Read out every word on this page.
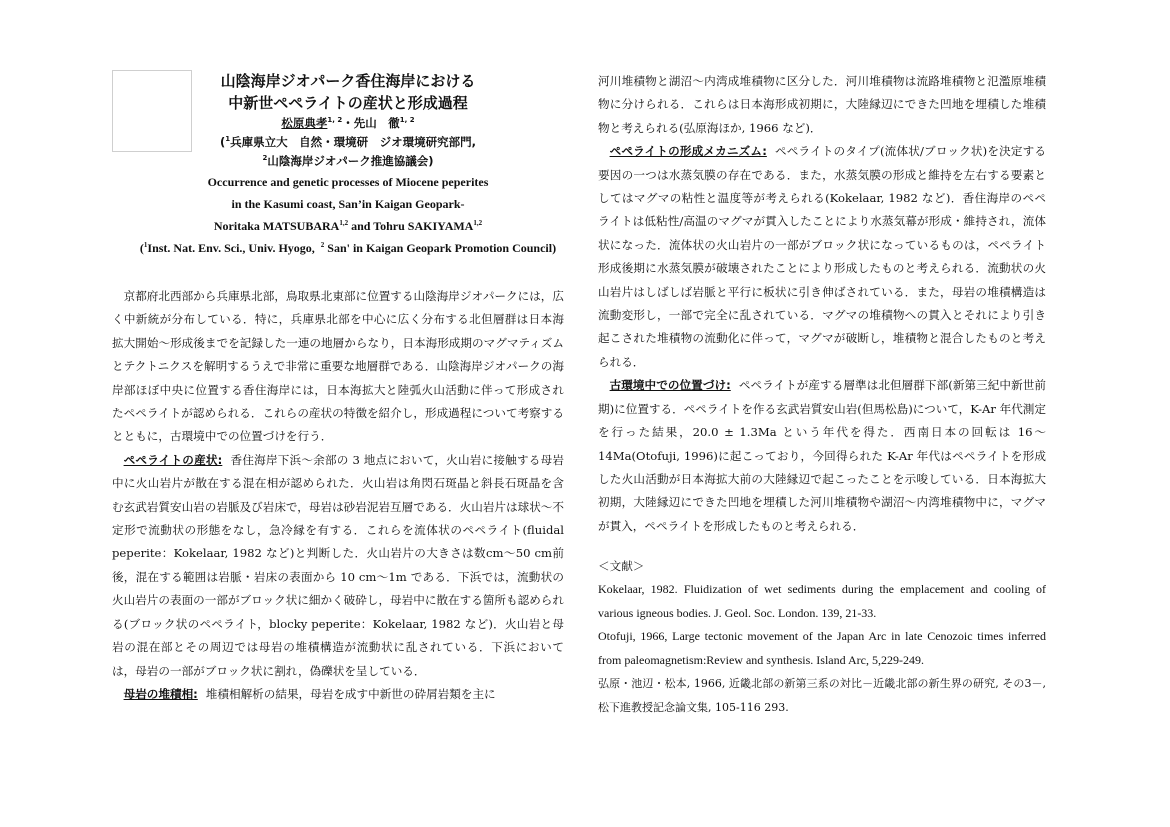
山陰海岸ジオパーク香住海岸における
中新世ペペライトの産状と形成過程
松原典孝$^{1, 2}$・先山　徹$^{1, 2}$
($^1$兵庫県立大　自然・環境研　ジオ環境研究部門,
$^2$山陰海岸ジオパーク推進協議会)
Occurrence and genetic processes of Miocene peperites
in the Kasumi coast, San’in Kaigan Geopark-
Noritaka MATSUBARA$^{1,2}$ and Tohru SAKIYAMA$^{1,2}$
($^1$Inst. Nat. Env. Sci., Univ. Hyogo, $^2$ San' in Kaigan Geopark Promotion Council)

京都府北西部から兵庫県北部，鳥取県北東部に位置する山陰海岸ジオパークには，広く中新統が分布している．特に，兵庫県北部を中心に広く分布する北但層群は日本海拡大開始〜形成後までを記録した一連の地層からなり，日本海形成期のマグマティズムとテクトニクスを解明するうえで非常に重要な地層群である．山陰海岸ジオパークの海岸部ほぼ中央に位置する香住海岸には，日本海拡大と陸弧火山活動に伴って形成されたペペライトが認められる．これらの産状の特徴を紹介し，形成過程について考察するとともに，古環境中での位置づけを行う．

ペペライトの産状: 香住海岸下浜〜余部の 3 地点において，火山岩に接触する母岩中に火山岩片が散在する混在相が認められた．火山岩は角閃石斑晶と斜長石斑晶を含む玄武岩質安山岩の岩脈及び岩床で，母岩は砂岩泥岩互層である．火山岩片は球状〜不定形で流動状の形態をなし，急冷縁を有する．これらを流体状のペペライト(fluidal peperite：Kokelaar, 1982 など)と判断した．火山岩片の大きさは数cm〜50 cm前後，混在する範囲は岩脈・岩床の表面から 10 cm〜1m である．下浜では，流動状の火山岩片の表面の一部がブロック状に細かく破砕し，母岩中に散在する箇所も認められる(ブロック状のペペライト，blocky peperite：Kokelaar, 1982 など)．火山岩と母岩の混在部とその周辺では母岩の堆積構造が流動状に乱されている．下浜においては，母岩の一部がブロック状に割れ，偽礫状を呈している．

母岩の堆積相: 堆積相解析の結果，母岩を成す中新世の砕屑岩類を主に

河川堆積物と湖沼〜内湾成堆積物に区分した．河川堆積物は流路堆積物と氾濫原堆積物に分けられる．これらは日本海形成初期に，大陸縁辺にできた凹地を埋積した堆積物と考えられる(弘原海ほか, 1966 など)．

ペペライトの形成メカニズム: ペペライトのタイプ(流体状/ブロック状)を決定する要因の一つは水蒸気膜の存在である．また，水蒸気膜の形成と維持を左右する要素としてはマグマの粘性と温度等が考えられる(Kokelaar, 1982 など)．香住海岸のペペライトは低粘性/高温のマグマが貫入したことにより水蒸気幕が形成・維持され，流体状になった．流体状の火山岩片の一部がブロック状になっているものは，ペペライト形成後期に水蒸気膜が破壊されたことにより形成したものと考えられる．流動状の火山岩片はしばしば岩脈と平行に板状に引き伸ばされている．また，母岩の堆積構造は流動変形し，一部で完全に乱されている．マグマの堆積物への貫入とそれにより引き起こされた堆積物の流動化に伴って，マグマが破断し，堆積物と混合したものと考えられる．

古環境中での位置づけ: ペペライトが産する層準は北但層群下部(新第三紀中新世前期)に位置する．ペペライトを作る玄武岩質安山岩(但馬松島)について，K-Ar 年代測定を行った結果，20.0 ± 1.3Ma という年代を得た．西南日本の回転は 16〜14Ma(Otofuji, 1996)に起こっており，今回得られた K-Ar 年代はペペライトを形成した火山活動が日本海拡大前の大陸縁辺で起こったことを示唆している．日本海拡大初期，大陸縁辺にできた凹地を埋積した河川堆積物や湖沼〜内湾堆積物中に，マグマが貫入，ペペライトを形成したものと考えられる．

＜文献＞

Kokelaar, 1982. Fluidization of wet sediments during the emplacement and cooling of various igneous bodies. J. Geol. Soc. London. 139, 21-33.

Otofuji, 1966, Large tectonic movement of the Japan Arc in late Cenozoic times inferred from paleomagnetism:Review and synthesis. Island Arc, 5,229-249.

弘原・池辺・松本, 1966, 近畿北部の新第三系の対比－近畿北部の新生界の研究, その3－, 松下進教授記念論文集, 105-116 293.
